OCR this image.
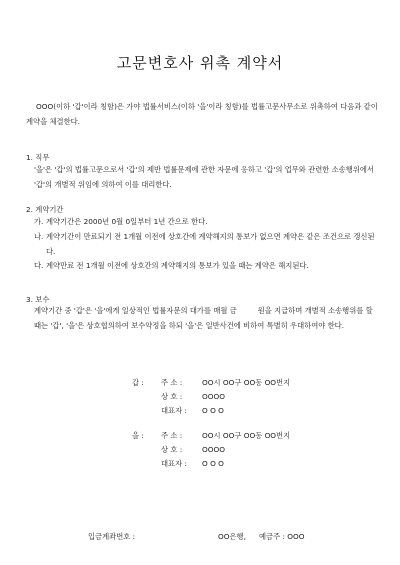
고문변호사 위촉 계약서

OOO(이하 '갑'이라 칭함)은 가야 법률서비스(이하 '을'이라 칭함)를 법률고문사무소로 위촉하여 다음과 같이 계약을 체결한다.

1. 직무

'을'은 '갑'의 법률고문으로서 '갑'의 제반 법률문제에 관한 자문에 응하고 '갑'의 업무와 관련한 소송행위에서 '갑'의 개별적 위임에 의하여 이를 대리한다.

2. 계약기간

가. 계약기간은 2000년 0월 0일부터 1년 간으로 한다.
나. 계약기간이 만료되기 전 1개월 이전에 상호간에 계약해지의 통보가 없으면 계약은 같은 조건으로 갱신된다.
다. 계약만료 전 1개월 이전에 상호간의 계약해지의 통보가 있을 때는 계약은 해지된다.

3. 보수

계약기간 중 '갑'은 '을'에게 일상적인 법률자문의 대가를 매월 금         원을 지급하며 개별적 소송행위를 할 때는 '갑', '을'은 상호협의하여 보수약정을 하되 '을'은 일반사건에 비하여 특별히 우대하여야 한다.

갑 : 주 소 :	OO시 OO구 OO동 OO번지
상 호 :	OOOO
대표자 : O O O
을 : 주 소 :	OO시 OO구 OO동 OO번지
상 호 :	OOOO
대표자 : O O O
입금계좌번호 :	OO은행, 예금주 : OOO
